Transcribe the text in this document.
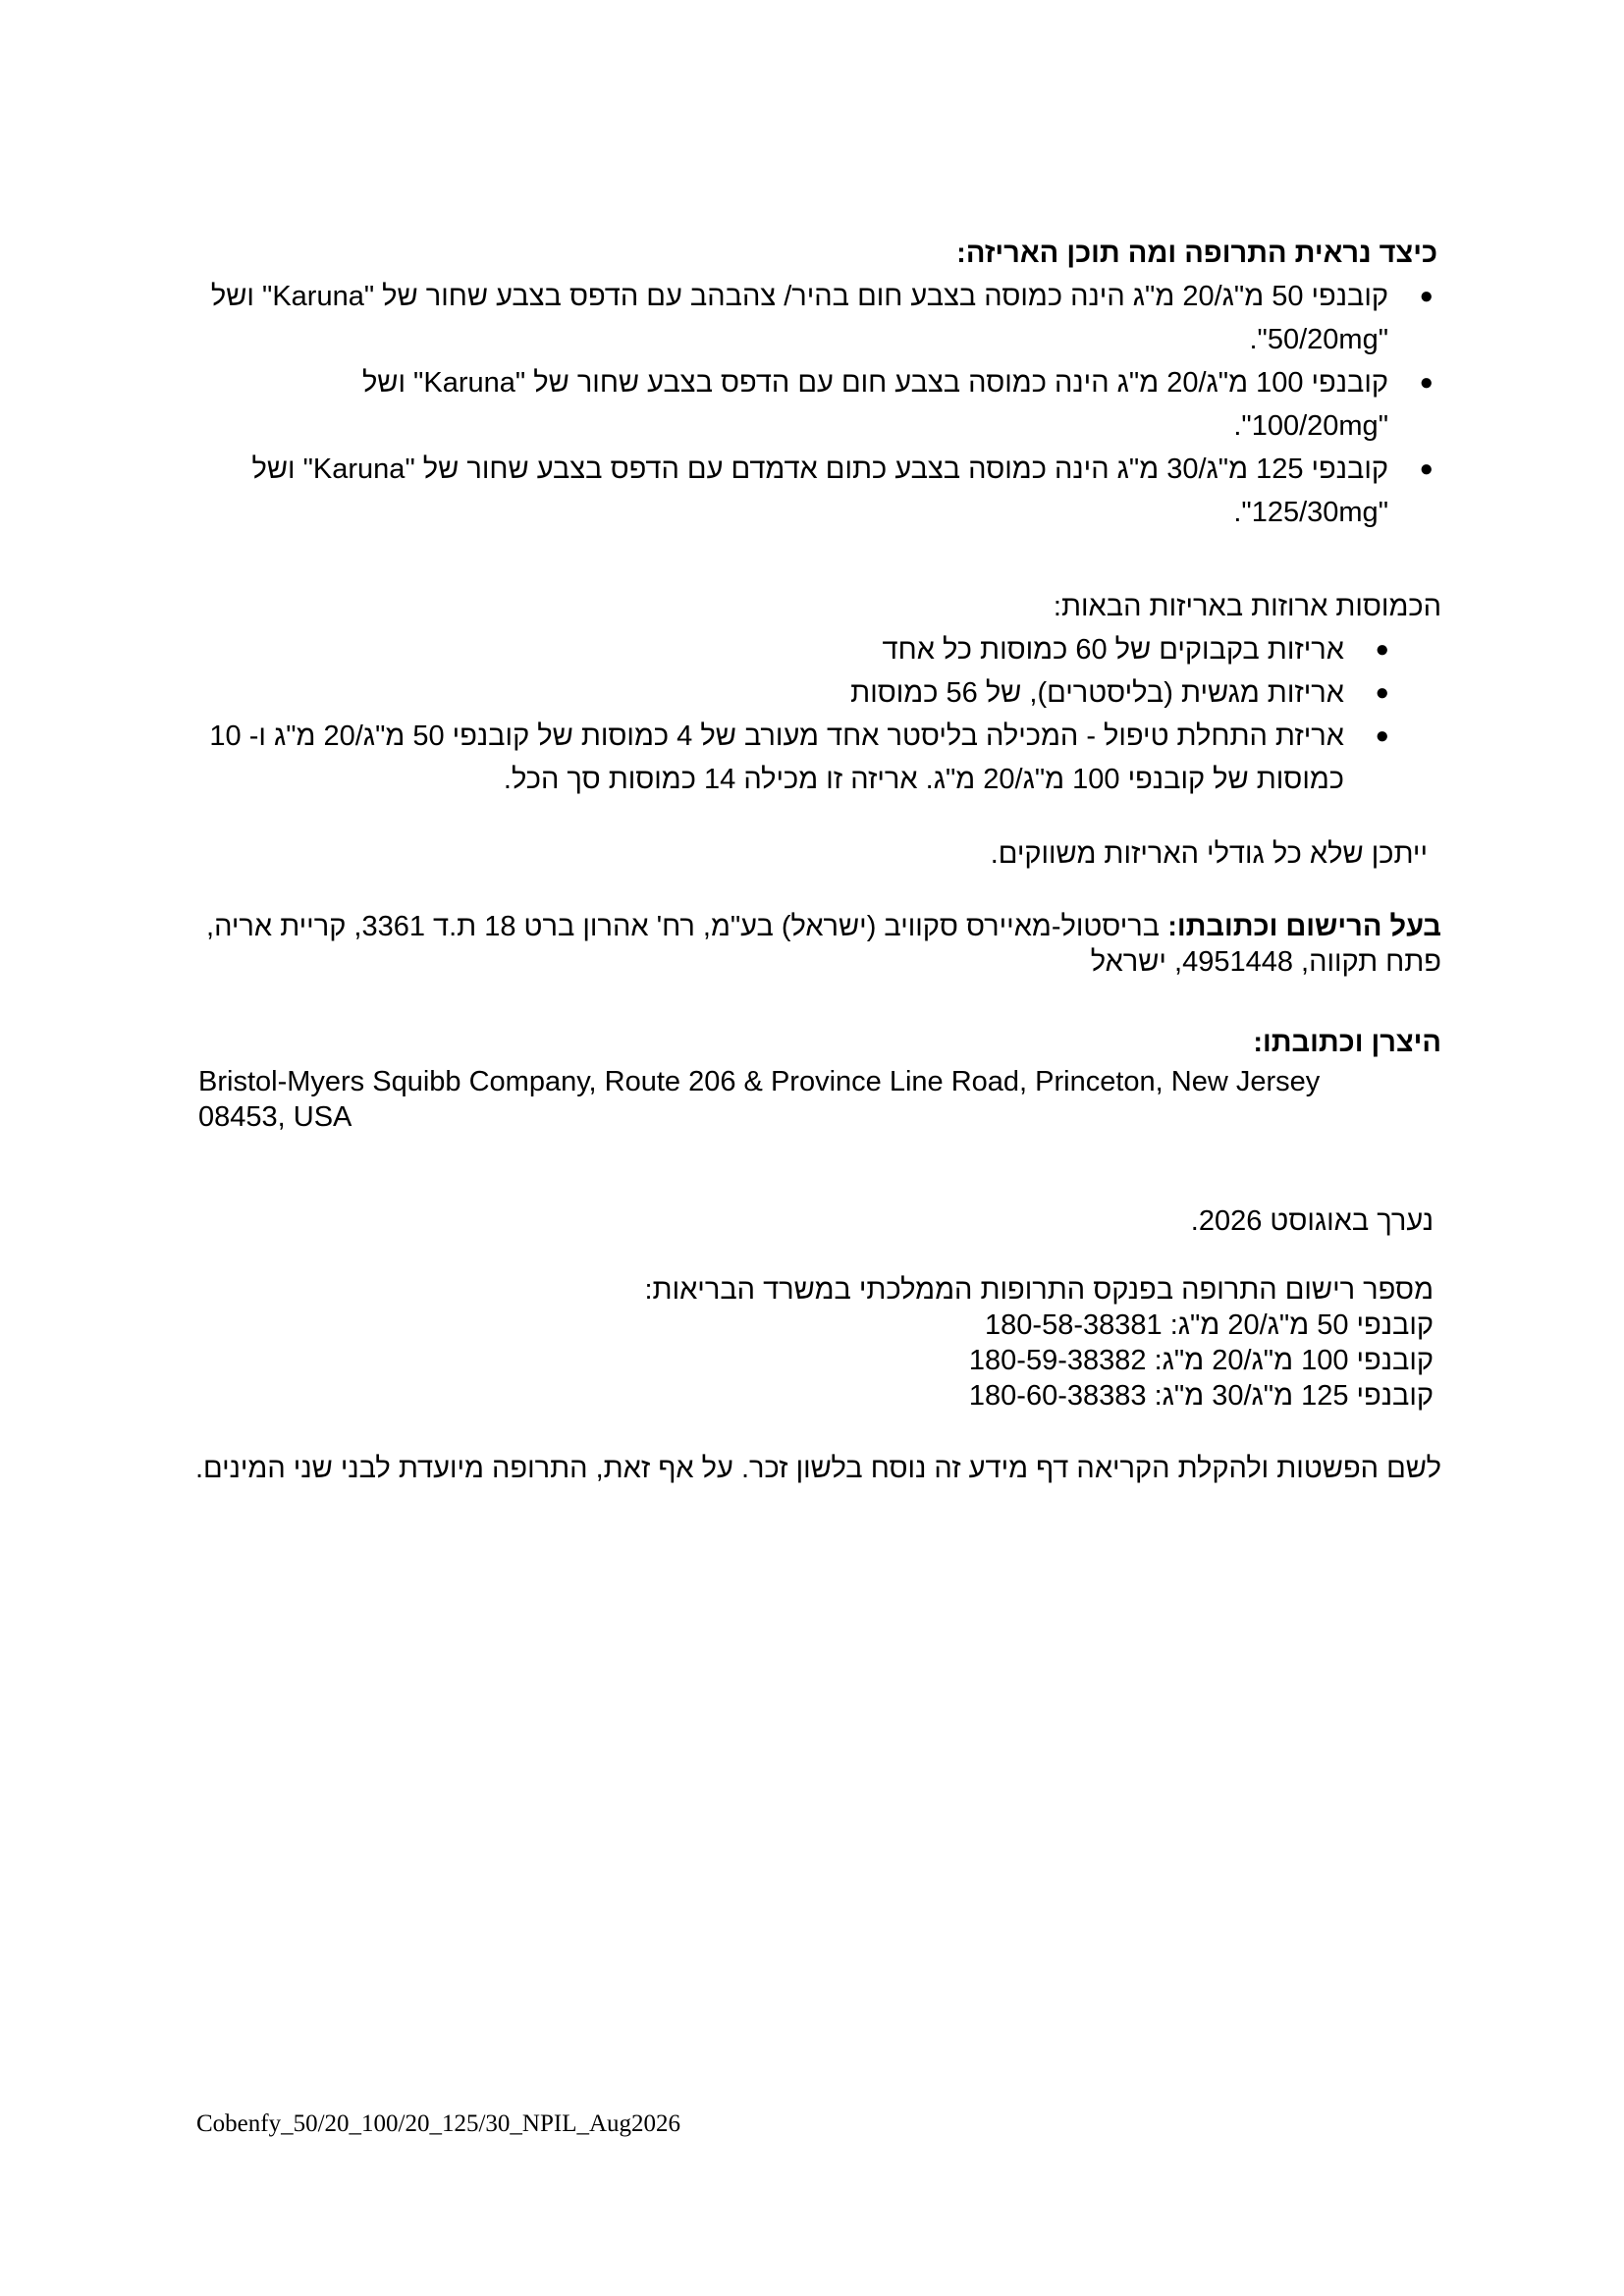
כיצד נראית התרופה ומה תוכן האריזה:
●
קובנפי 50 מ"ג/20 מ"ג הינה כמוסה בצבע חום בהיר/ צהבהב עם הדפס בצבע שחור של "Karuna" ושל
"50/20mg".
●
קובנפי 100 מ"ג/20 מ"ג הינה כמוסה בצבע חום עם הדפס בצבע שחור של "Karuna" ושל
"100/20mg".
●
קובנפי 125 מ"ג/30 מ"ג הינה כמוסה בצבע כתום אדמדם עם הדפס בצבע שחור של "Karuna" ושל
"125/30mg".
הכמוסות ארוזות באריזות הבאות:
●
אריזות בקבוקים של 60 כמוסות כל אחד
●
אריזות מגשית (בליסטרים), של 56 כמוסות
●
אריזת התחלת טיפול - המכילה בליסטר אחד מעורב של 4 כמוסות של קובנפי 50 מ"ג/20 מ"ג ו- 10
כמוסות של קובנפי 100 מ"ג/20 מ"ג. אריזה זו מכילה 14 כמוסות סך הכל.
ייתכן שלא כל גודלי האריזות משווקים.
בעל הרישום וכתובתו: בריסטול-מאיירס סקוויב (ישראל) בע"מ, רח' אהרון ברט 18 ת.ד 3361, קריית אריה,
פתח תקווה, 4951448, ישראל
היצרן וכתובתו:
Bristol-Myers Squibb Company, Route 206 & Province Line Road, Princeton, New Jersey
08453, USA
נערך באוגוסט 2026.
מספר רישום התרופה בפנקס התרופות הממלכתי במשרד הבריאות:
קובנפי 50 מ"ג/20 מ"ג: 180-58-38381
קובנפי 100 מ"ג/20 מ"ג: 180-59-38382
קובנפי 125 מ"ג/30 מ"ג: 180-60-38383
לשם הפשטות ולהקלת הקריאה דף מידע זה נוסח בלשון זכר. על אף זאת, התרופה מיועדת לבני שני המינים.
Cobenfy_50/20_100/20_125/30_NPIL_Aug2026
